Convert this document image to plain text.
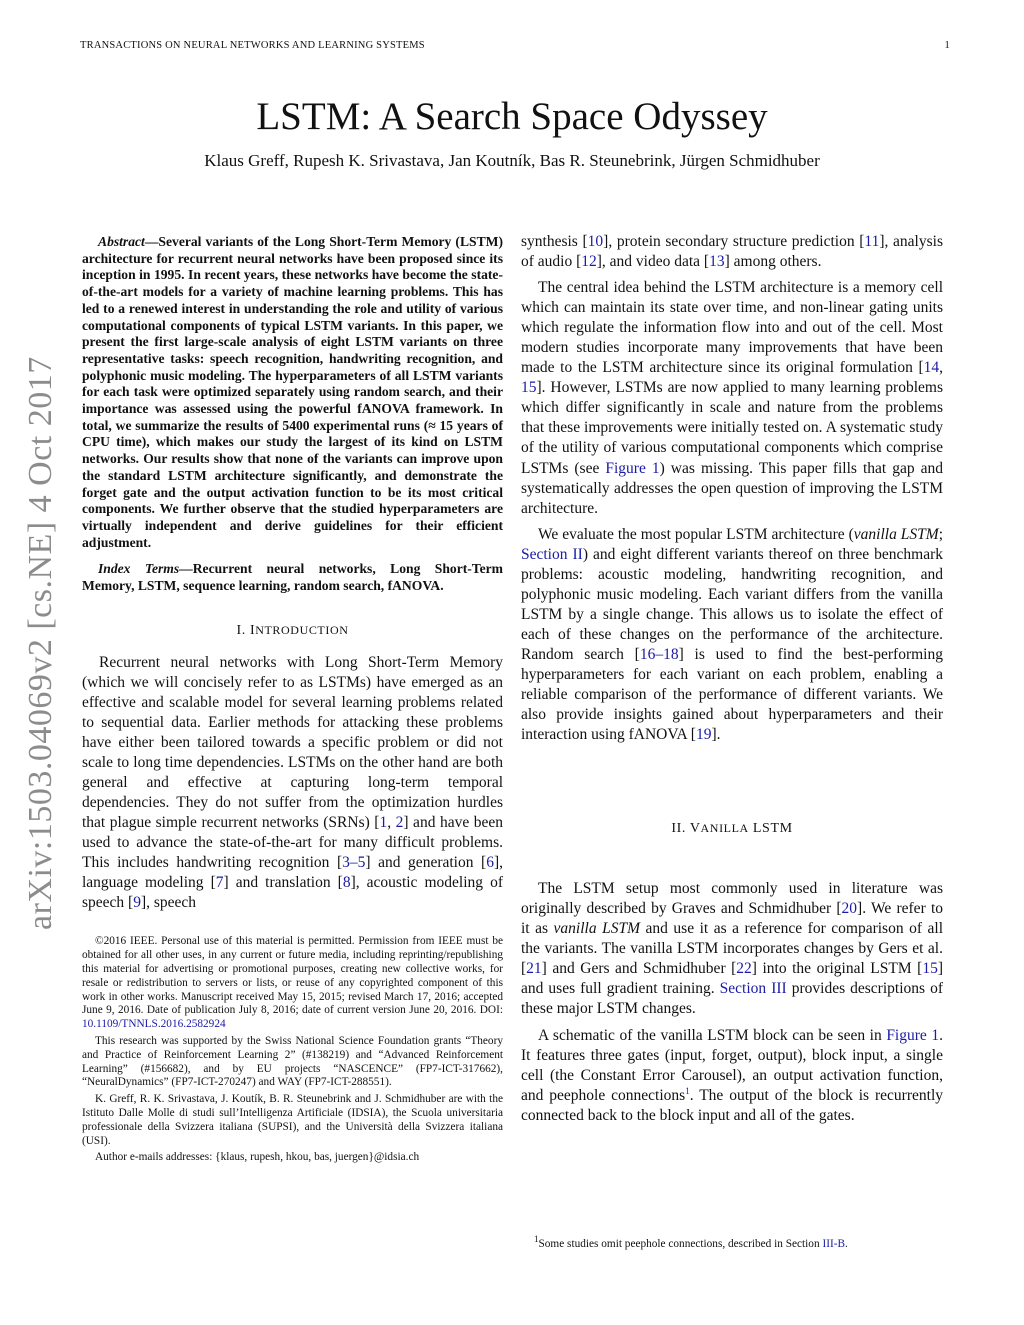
TRANSACTIONS ON NEURAL NETWORKS AND LEARNING SYSTEMS	1
LSTM: A Search Space Odyssey
Klaus Greff, Rupesh K. Srivastava, Jan Koutník, Bas R. Steunebrink, Jürgen Schmidhuber
arXiv:1503.04069v2 [cs.NE] 4 Oct 2017

Abstract—Several variants of the Long Short-Term Memory (LSTM) architecture for recurrent neural networks have been proposed since its inception in 1995. In recent years, these networks have become the state-of-the-art models for a variety of machine learning problems. This has led to a renewed interest in understanding the role and utility of various computational components of typical LSTM variants. In this paper, we present the first large-scale analysis of eight LSTM variants on three representative tasks: speech recognition, handwriting recognition, and polyphonic music modeling. The hyperparameters of all LSTM variants for each task were optimized separately using random search, and their importance was assessed using the powerful fANOVA framework. In total, we summarize the results of 5400 experimental runs (≈ 15 years of CPU time), which makes our study the largest of its kind on LSTM networks. Our results show that none of the variants can improve upon the standard LSTM architecture significantly, and demonstrate the forget gate and the output activation function to be its most critical components. We further observe that the studied hyperparameters are virtually independent and derive guidelines for their efficient adjustment.

Index Terms—Recurrent neural networks, Long Short-Term Memory, LSTM, sequence learning, random search, fANOVA.

I. INTRODUCTION

Recurrent neural networks with Long Short-Term Memory (which we will concisely refer to as LSTMs) have emerged as an effective and scalable model for several learning problems related to sequential data. Earlier methods for attacking these problems have either been tailored towards a specific problem or did not scale to long time dependencies. LSTMs on the other hand are both general and effective at capturing long-term temporal dependencies. They do not suffer from the optimization hurdles that plague simple recurrent networks (SRNs) [1, 2] and have been used to advance the state-of-the-art for many difficult problems. This includes handwriting recognition [3–5] and generation [6], language modeling [7] and translation [8], acoustic modeling of speech [9], speech

©2016 IEEE. Personal use of this material is permitted. Permission from IEEE must be obtained for all other uses, in any current or future media, including reprinting/republishing this material for advertising or promotional purposes, creating new collective works, for resale or redistribution to servers or lists, or reuse of any copyrighted component of this work in other works. Manuscript received May 15, 2015; revised March 17, 2016; accepted June 9, 2016. Date of publication July 8, 2016; date of current version June 20, 2016. DOI: 10.1109/TNNLS.2016.2582924

This research was supported by the Swiss National Science Foundation grants “Theory and Practice of Reinforcement Learning 2” (#138219) and “Advanced Reinforcement Learning” (#156682), and by EU projects “NASCENCE” (FP7-ICT-317662), “NeuralDynamics” (FP7-ICT-270247) and WAY (FP7-ICT-288551).

K. Greff, R. K. Srivastava, J. Koutík, B. R. Steunebrink and J. Schmidhuber are with the Istituto Dalle Molle di studi sull’Intelligenza Artificiale (IDSIA), the Scuola universitaria professionale della Svizzera italiana (SUPSI), and the Università della Svizzera italiana (USI).

Author e-mails addresses: {klaus, rupesh, hkou, bas, juergen}@idsia.ch

synthesis [10], protein secondary structure prediction [11], analysis of audio [12], and video data [13] among others.

The central idea behind the LSTM architecture is a memory cell which can maintain its state over time, and non-linear gating units which regulate the information flow into and out of the cell. Most modern studies incorporate many improvements that have been made to the LSTM architecture since its original formulation [14, 15]. However, LSTMs are now applied to many learning problems which differ significantly in scale and nature from the problems that these improvements were initially tested on. A systematic study of the utility of various computational components which comprise LSTMs (see Figure 1) was missing. This paper fills that gap and systematically addresses the open question of improving the LSTM architecture.

We evaluate the most popular LSTM architecture (vanilla LSTM; Section II) and eight different variants thereof on three benchmark problems: acoustic modeling, handwriting recognition, and polyphonic music modeling. Each variant differs from the vanilla LSTM by a single change. This allows us to isolate the effect of each of these changes on the performance of the architecture. Random search [16–18] is used to find the best-performing hyperparameters for each variant on each problem, enabling a reliable comparison of the performance of different variants. We also provide insights gained about hyperparameters and their interaction using fANOVA [19].

II. VANILLA LSTM

The LSTM setup most commonly used in literature was originally described by Graves and Schmidhuber [20]. We refer to it as vanilla LSTM and use it as a reference for comparison of all the variants. The vanilla LSTM incorporates changes by Gers et al. [21] and Gers and Schmidhuber [22] into the original LSTM [15] and uses full gradient training. Section III provides descriptions of these major LSTM changes.

A schematic of the vanilla LSTM block can be seen in Figure 1. It features three gates (input, forget, output), block input, a single cell (the Constant Error Carousel), an output activation function, and peephole connections$^1$. The output of the block is recurrently connected back to the block input and all of the gates.

$^1$Some studies omit peephole connections, described in Section III-B.
